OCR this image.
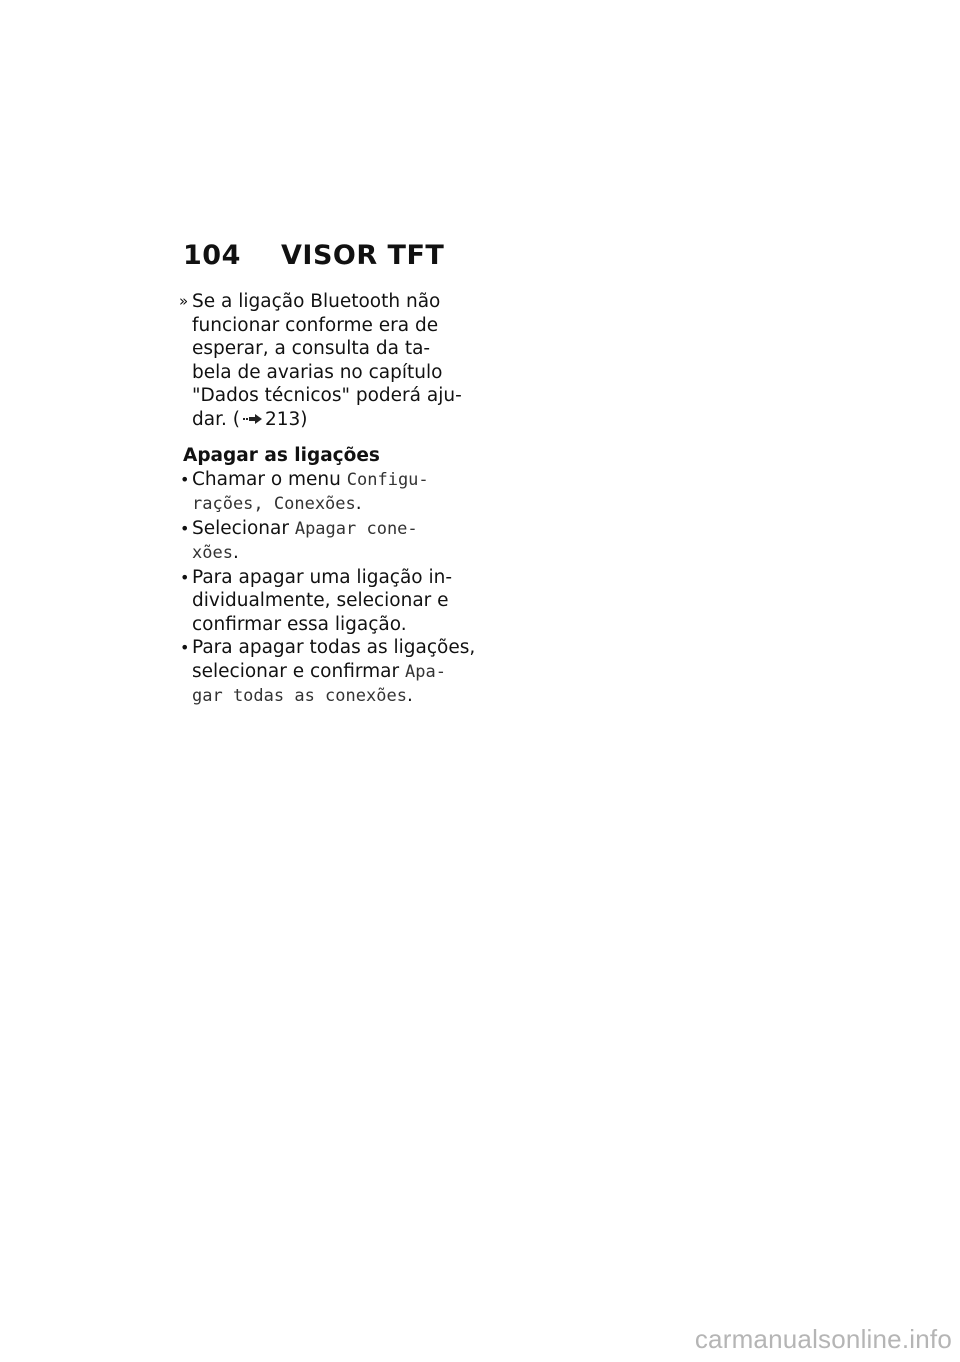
104 VISOR TFT
» Se a ligação Bluetooth não
funcionar conforme era de
esperar, a consulta da ta-
bela de avarias no capítulo
"Dados técnicos" poderá aju-
dar. ( 213)
Apagar as ligações
• Chamar o menu Configu-
rações, Conexões.
• Selecionar Apagar cone-
xões.
• Para apagar uma ligação in-
dividualmente, selecionar e
confirmar essa ligação.
• Para apagar todas as ligações,
selecionar e confirmar Apa-
gar todas as conexões.
carmanualsonline.info
